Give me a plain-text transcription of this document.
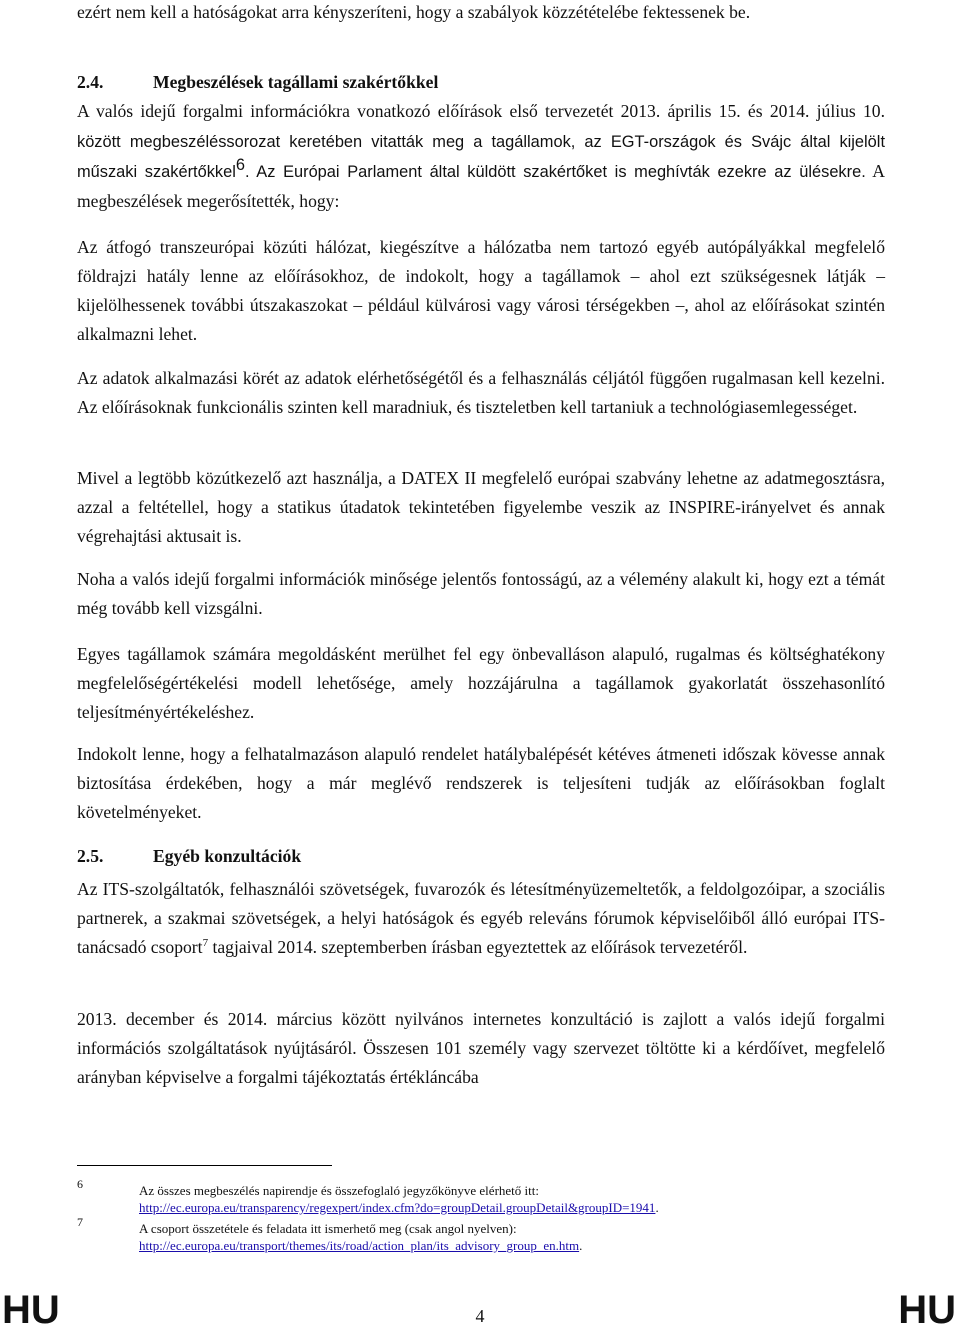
ezért nem kell a hatóságokat arra kényszeríteni, hogy a szabályok közzétételébe fektessenek be.

2.4.	Megbeszélések tagállami szakértőkkel

A valós idejű forgalmi információkra vonatkozó előírások első tervezetét 2013. április 15. és 2014. július 10. között megbeszéléssorozat keretében vitatták meg a tagállamok, az EGT-országok és Svájc által kijelölt műszaki szakértőkkel$^6$. Az Európai Parlament által küldött szakértőket is meghívták ezekre az ülésekre. A megbeszélések megerősítették, hogy:

Az átfogó transzeurópai közúti hálózat, kiegészítve a hálózatba nem tartozó egyéb autópályákkal megfelelő földrajzi hatály lenne az előírásokhoz, de indokolt, hogy a tagállamok – ahol ezt szükségesnek látják – kijelölhessenek további útszakaszokat – például külvárosi vagy városi térségekben –, ahol az előírásokat szintén alkalmazni lehet.

Az adatok alkalmazási körét az adatok elérhetőségétől és a felhasználás céljától függően rugalmasan kell kezelni. Az előírásoknak funkcionális szinten kell maradniuk, és tiszteletben kell tartaniuk a technológiasemlegességet.

Mivel a legtöbb közútkezelő azt használja, a DATEX II megfelelő európai szabvány lehetne az adatmegosztásra, azzal a feltétellel, hogy a statikus útadatok tekintetében figyelembe veszik az INSPIRE-irányelvet és annak végrehajtási aktusait is.

Noha a valós idejű forgalmi információk minősége jelentős fontosságú, az a vélemény alakult ki, hogy ezt a témát még tovább kell vizsgálni.

Egyes tagállamok számára megoldásként merülhet fel egy önbevalláson alapuló, rugalmas és költséghatékony megfelelőségértékelési modell lehetősége, amely hozzájárulna a tagállamok gyakorlatát összehasonlító teljesítményértékeléshez.

Indokolt lenne, hogy a felhatalmazáson alapuló rendelet hatálybalépését kétéves átmeneti időszak kövesse annak biztosítása érdekében, hogy a már meglévő rendszerek is teljesíteni tudják az előírásokban foglalt követelményeket.

2.5.	Egyéb konzultációk

Az ITS-szolgáltatók, felhasználói szövetségek, fuvarozók és létesítményüzemeltetők, a feldolgozóipar, a szociális partnerek, a szakmai szövetségek, a helyi hatóságok és egyéb releváns fórumok képviselőiből álló európai ITS-tanácsadó csoport$^7$ tagjaival 2014. szeptemberben írásban egyeztettek az előírások tervezetéről.

2013. december és 2014. március között nyilvános internetes konzultáció is zajlott a valós idejű forgalmi információs szolgáltatások nyújtásáról. Összesen 101 személy vagy szervezet töltötte ki a kérdőívet, megfelelő arányban képviselve a forgalmi tájékoztatás értékláncába

6	Az összes megbeszélés napirendje és összefoglaló jegyzőkönyve elérhető itt:
http://ec.europa.eu/transparency/regexpert/index.cfm?do=groupDetail.groupDetail&groupID=1941.
7	A csoport összetétele és feladata itt ismerhető meg (csak angol nyelven):
http://ec.europa.eu/transport/themes/its/road/action_plan/its_advisory_group_en.htm.
HU	4	HU
